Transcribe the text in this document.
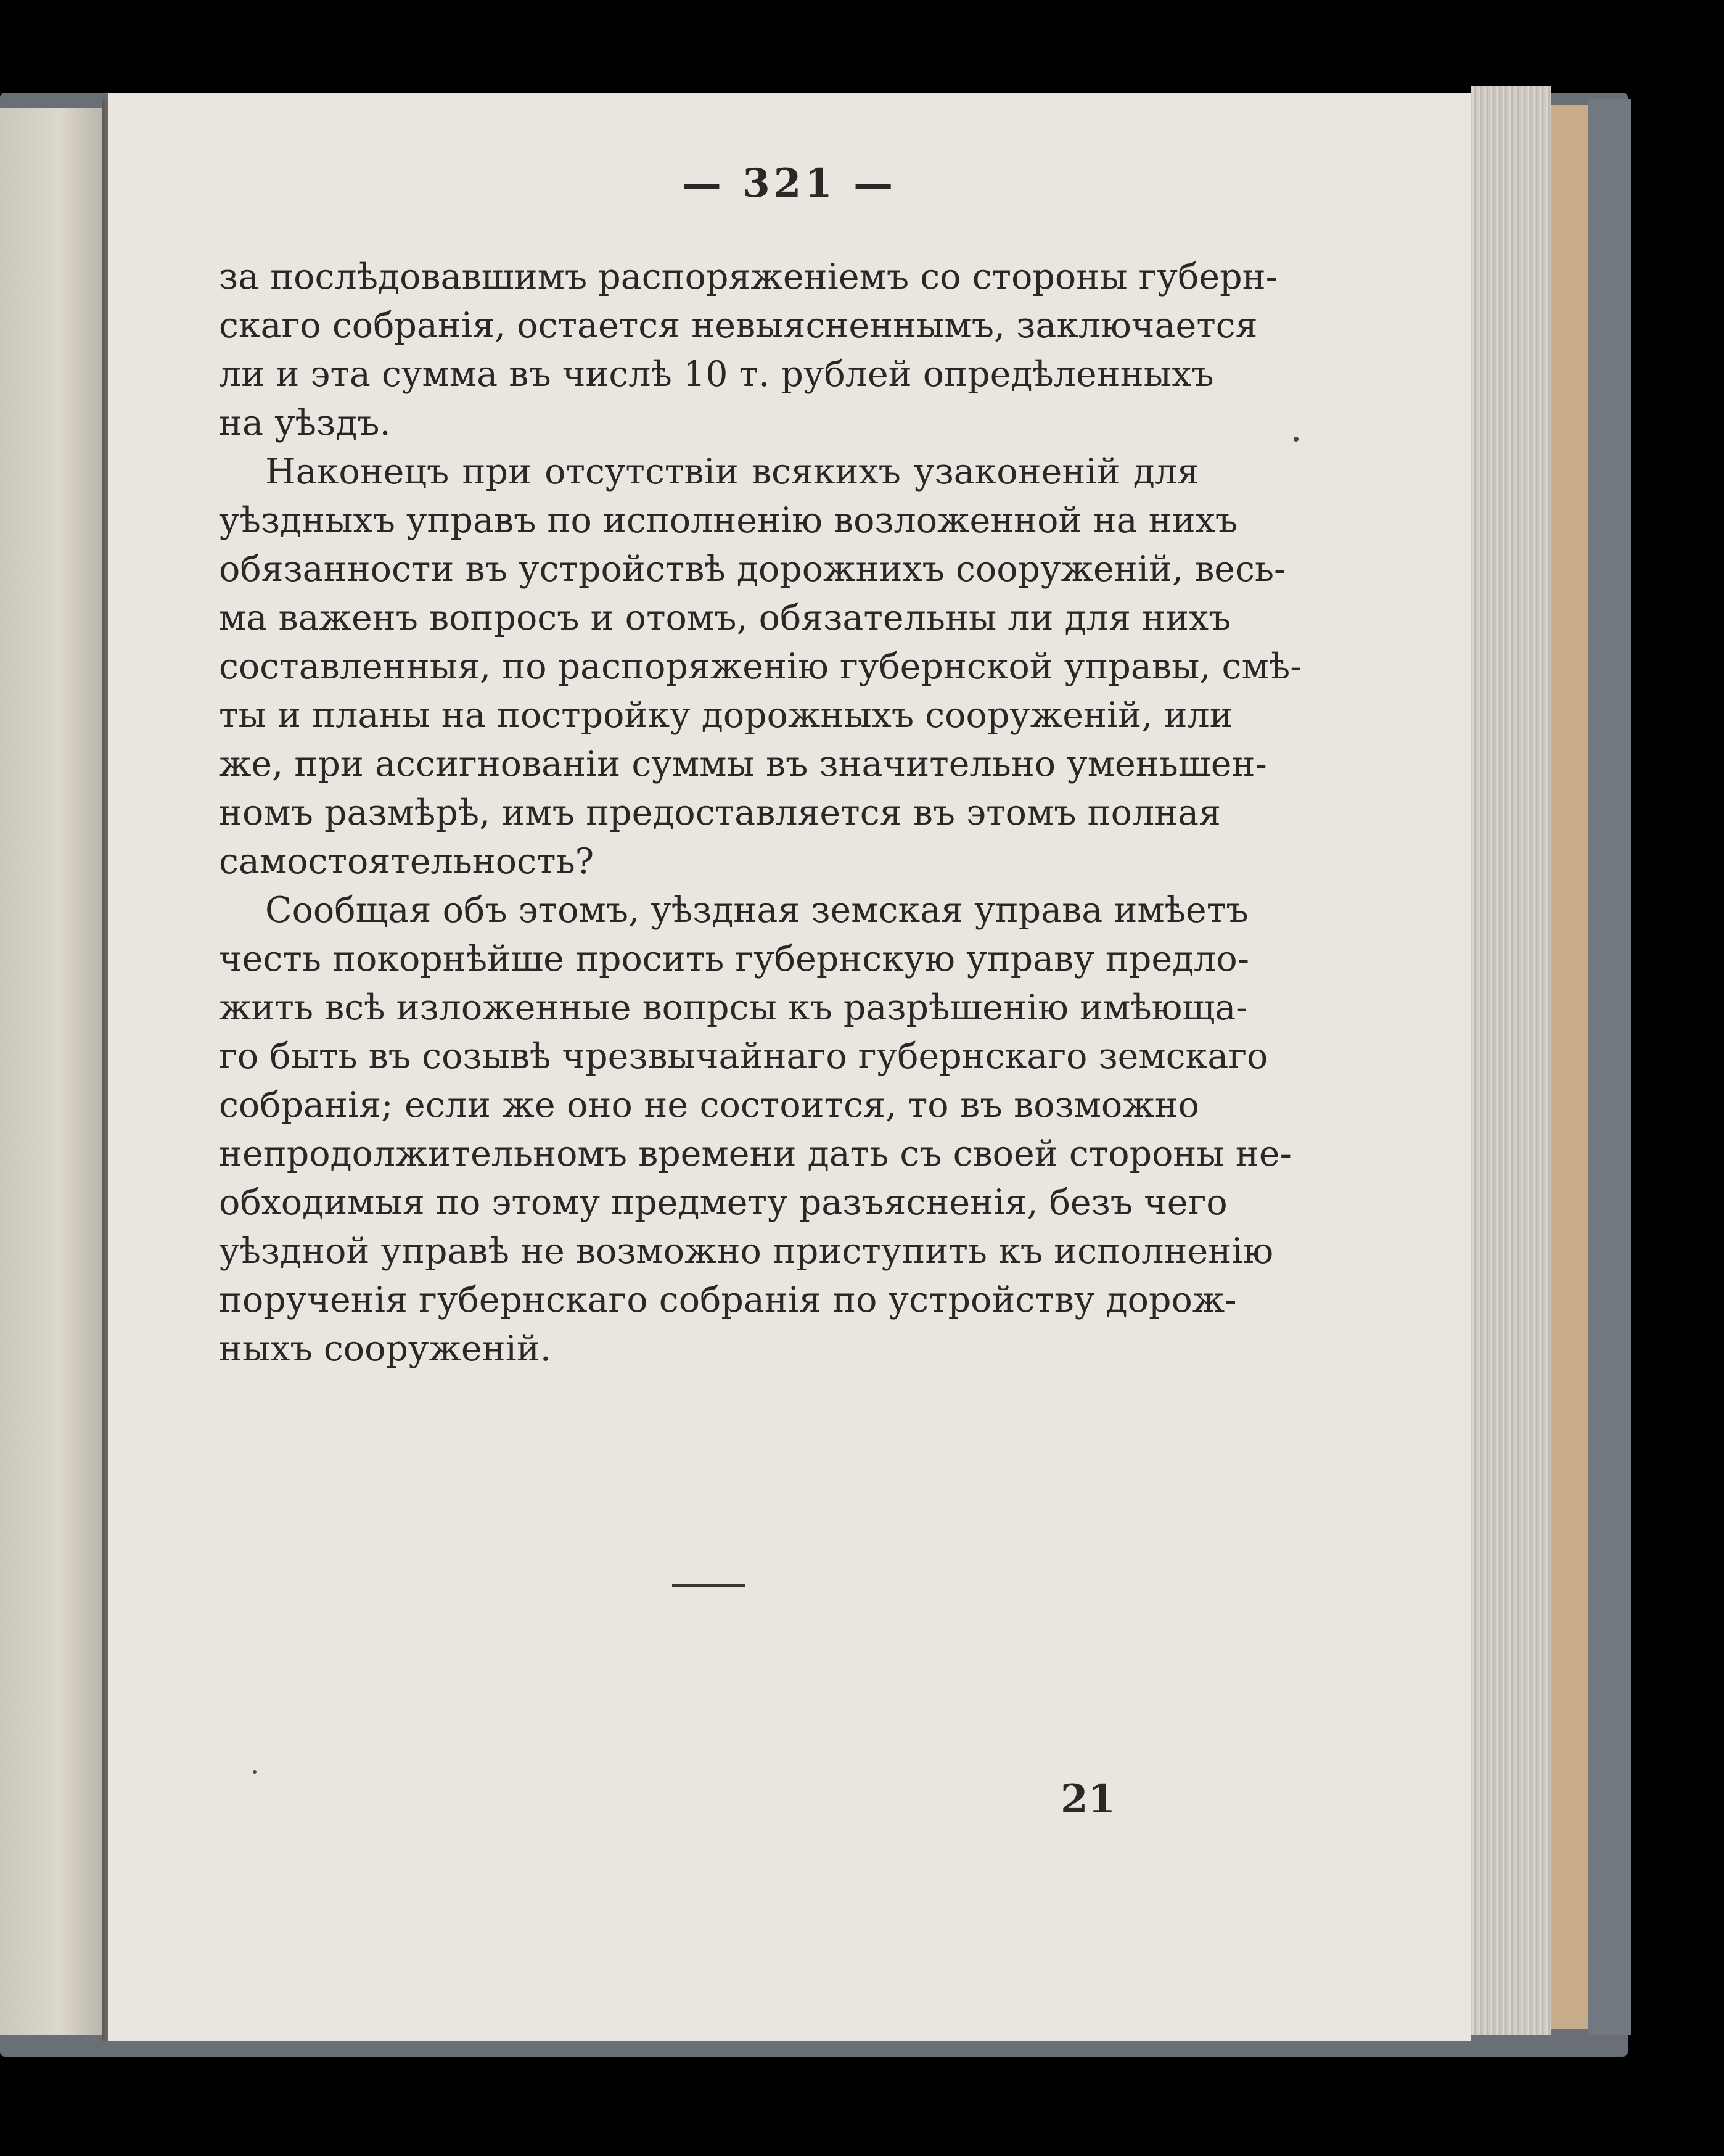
— 321 —
за послѣдовавшимъ распоряженіемъ со стороны губерн-
скаго собранія, остается невыясненнымъ, заключается
ли и эта сумма въ числѣ 10 т. рублей опредѣленныхъ
на уѣздъ.
Наконецъ при отсутствіи всякихъ узаконеній для
уѣздныхъ управъ по исполненію возложенной на нихъ
обязанности въ устройствѣ дорожнихъ сооруженій, весь-
ма важенъ вопросъ и отомъ, обязательны ли для нихъ
составленныя, по распоряженію губернской управы, смѣ-
ты и планы на постройку дорожныхъ сооруженій, или
же, при ассигнованіи суммы въ значительно уменьшен-
номъ размѣрѣ, имъ предоставляется въ этомъ полная
самостоятельность?
Сообщая объ этомъ, уѣздная земская управа имѣетъ
честь покорнѣйше просить губернскую управу предло-
жить всѣ изложенные вопрсы къ разрѣшенію имѣюща-
го быть въ созывѣ чрезвычайнаго губернскаго земскаго
собранія; если же оно не состоится, то въ возможно
непродолжительномъ времени дать съ своей стороны не-
обходимыя по этому предмету разъясненія, безъ чего
уѣздной управѣ не возможно приступить къ исполненію
порученія губернскаго собранія по устройству дорож-
ныхъ сооруженій.
21
